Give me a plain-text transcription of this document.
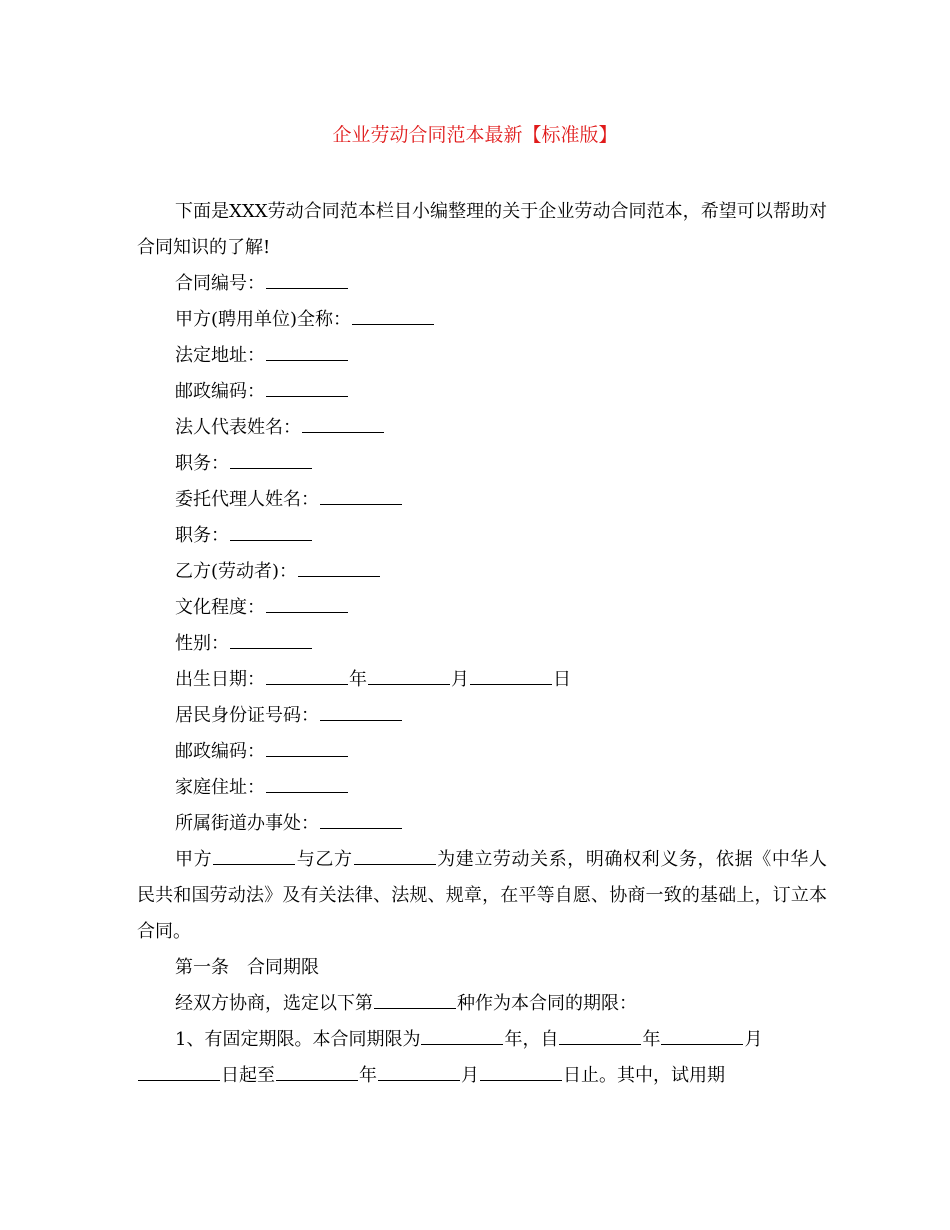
企业劳动合同范本最新【标准版】

下面是XXX劳动合同范本栏目小编整理的关于企业劳动合同范本，希望可以帮助对合同知识的了解!

合同编号：

甲方(聘用单位)全称：

法定地址：

邮政编码：

法人代表姓名：

职务：

委托代理人姓名：

职务：

乙方(劳动者)：

文化程度：

性别：

出生日期：	年	月	日

居民身份证号码：

邮政编码：

家庭住址：

所属街道办事处：

甲方	与乙方	为建立劳动关系，明确权利义务，依据《中华人民共和国劳动法》及有关法律、法规、规章，在平等自愿、协商一致的基础上，订立本合同。

第一条 合同期限

经双方协商，选定以下第	种作为本合同的期限：

1、有固定期限。本合同期限为	年，自	年	月

日起至	年	月	日止。其中，试用期
